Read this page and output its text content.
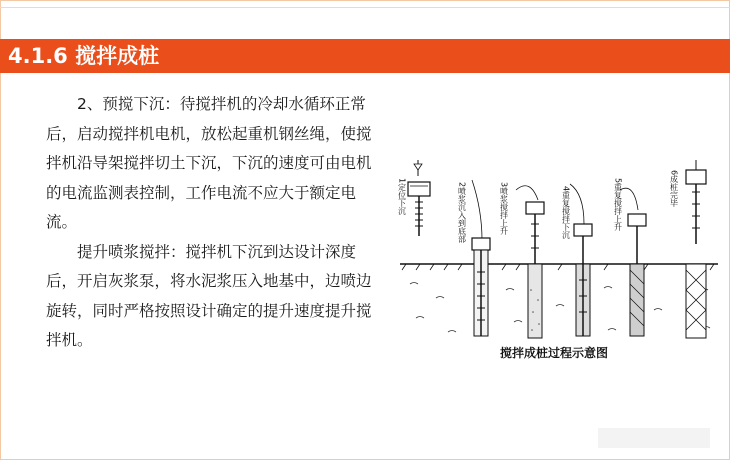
4.1.6 搅拌成桩

2、预搅下沉：待搅拌机的冷却水循环正常后，启动搅拌机电机，放松起重机钢丝绳，使搅拌机沿导架搅拌切土下沉，下沉的速度可由电机的电流监测表控制，工作电流不应大于额定电流。

提升喷浆搅拌：搅拌机下沉到达设计深度后，开启灰浆泵，将水泥浆压入地基中，边喷边旋转，同时严格按照设计确定的提升速度提升搅拌机。

1定位下沉	2喷浆沉入到底部	3喷浆搅拌上升	4重复搅拌下沉	5重复搅拌上升	6成桩完毕
搅拌成桩过程示意图
